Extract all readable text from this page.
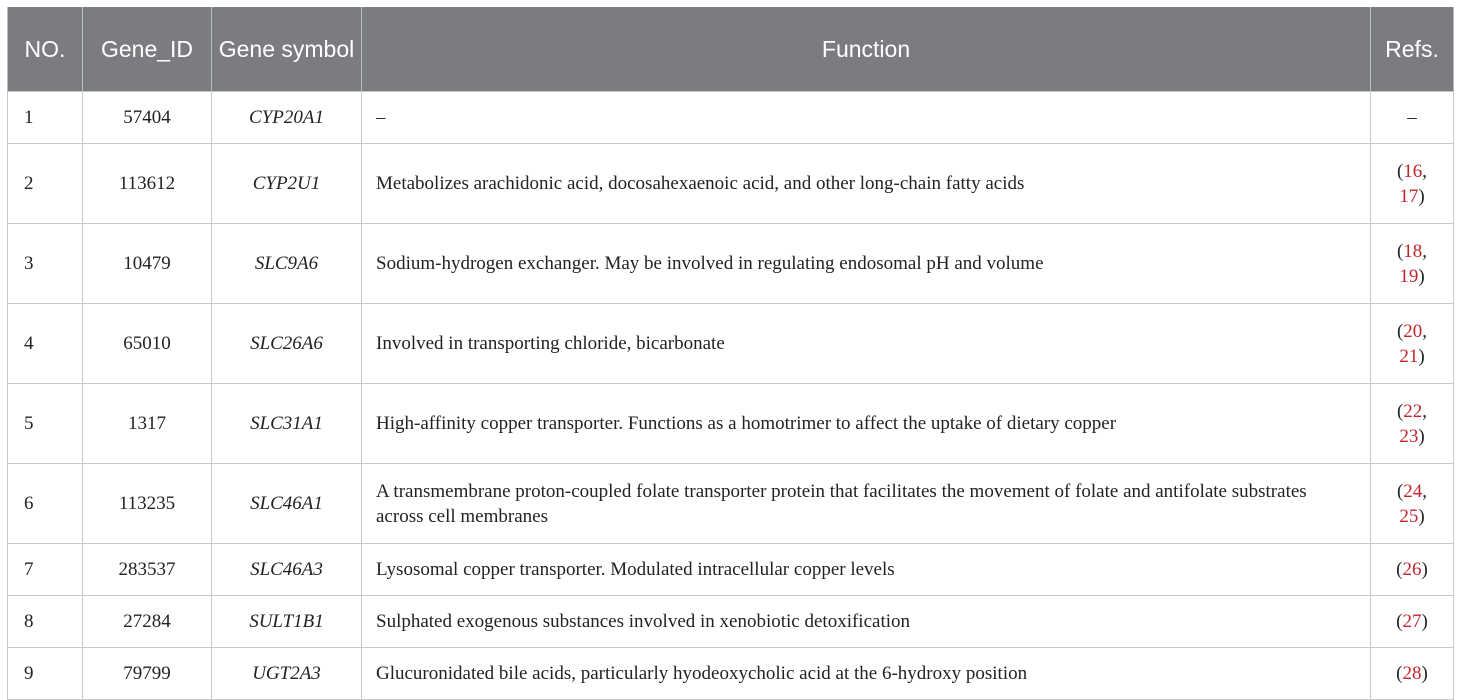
NO.	Gene_ID	Gene symbol	Function	Refs.
1	57404	CYP20A1	–	–
2	113612	CYP2U1	Metabolizes arachidonic acid, docosahexaenoic acid, and other long-chain fatty acids	(16,
17)
3	10479	SLC9A6	Sodium-hydrogen exchanger. May be involved in regulating endosomal pH and volume	(18,
19)
4	65010	SLC26A6	Involved in transporting chloride, bicarbonate	(20,
21)
5	1317	SLC31A1	High-affinity copper transporter. Functions as a homotrimer to affect the uptake of dietary copper	(22,
23)
6	113235	SLC46A1	A transmembrane proton-coupled folate transporter protein that facilitates the movement of folate and antifolate substrates across cell membranes	(24,
25)
7	283537	SLC46A3	Lysosomal copper transporter. Modulated intracellular copper levels	(26)
8	27284	SULT1B1	Sulphated exogenous substances involved in xenobiotic detoxification	(27)
9	79799	UGT2A3	Glucuronidated bile acids, particularly hyodeoxycholic acid at the 6-hydroxy position	(28)
